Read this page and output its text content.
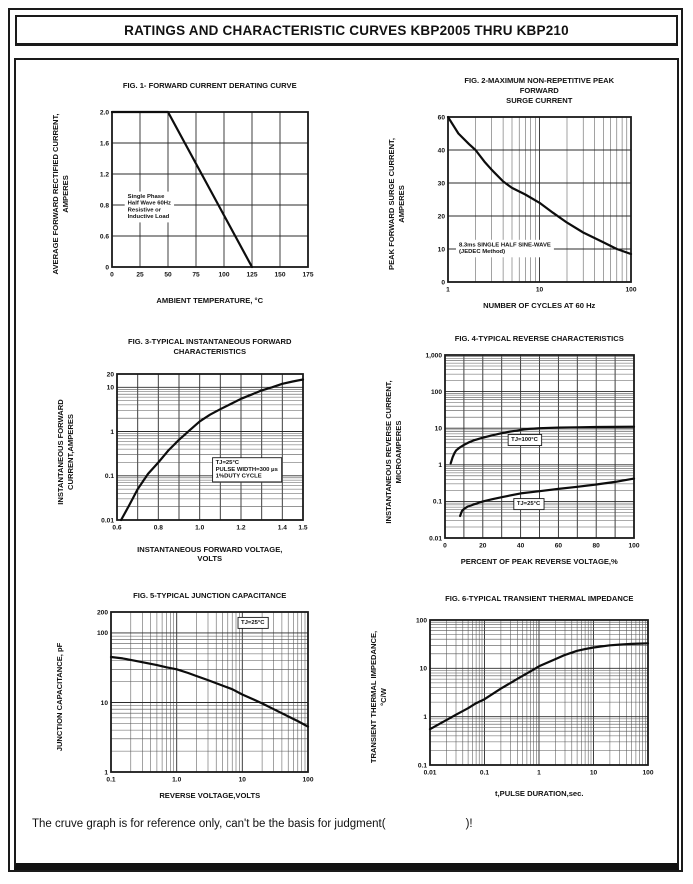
RATINGS AND CHARACTERISTIC CURVES KBP2005 THRU KBP210
FIG. 1- FORWARD CURRENT DERATING CURVE
AVERAGE FORWARD RECTIFIED CURRENT, AMPERES
0	25	50	75	100	125	150	175
0
0.6
0.8
1.2
1.6
2.0
Single Phase
Half Wave 60Hz
Resistive or
Inductive Load
AMBIENT TEMPERATURE, °C
FIG. 2-MAXIMUM NON-REPETITIVE PEAK FORWARD
SURGE CURRENT
PEAK FORWARD SURGE CURRENT, AMPERES
1	10	100
0
10
20
30
40
60
8.3ms SINGLE HALF SINE-WAVE
(JEDEC Method)
NUMBER OF CYCLES AT 60 Hz
FIG. 3-TYPICAL INSTANTANEOUS FORWARD
CHARACTERISTICS
INSTANTANEOUS FORWARD CURRENT,AMPERES
0.6	0.8	1.0	1.2	1.4 1.5
0.01
0.1
1
10
20
TJ=25°C
PULSE WIDTH=300 μs
1%DUTY CYCLE
INSTANTANEOUS FORWARD VOLTAGE,
VOLTS
FIG. 4-TYPICAL REVERSE CHARACTERISTICS
INSTANTANEOUS REVERSE CURRENT, MICROAMPERES
0	20	40	60	80	100
0.01
0.1
1
10
100
1,000
TJ=100°C
TJ=25°C
PERCENT OF PEAK REVERSE VOLTAGE,%
FIG. 5-TYPICAL JUNCTION CAPACITANCE
JUNCTION CAPACITANCE, pF
0.1	1.0	10	100
1
10
100
200
TJ=25°C
REVERSE VOLTAGE,VOLTS
FIG. 6-TYPICAL TRANSIENT THERMAL IMPEDANCE
TRANSIENT THERMAL IMPEDANCE, °C/W
0.01	0.1	1	10	100
0.1
1
10
100
t,PULSE DURATION,sec.
The cruve graph is for reference only, can't be the basis for judgment(	)!
